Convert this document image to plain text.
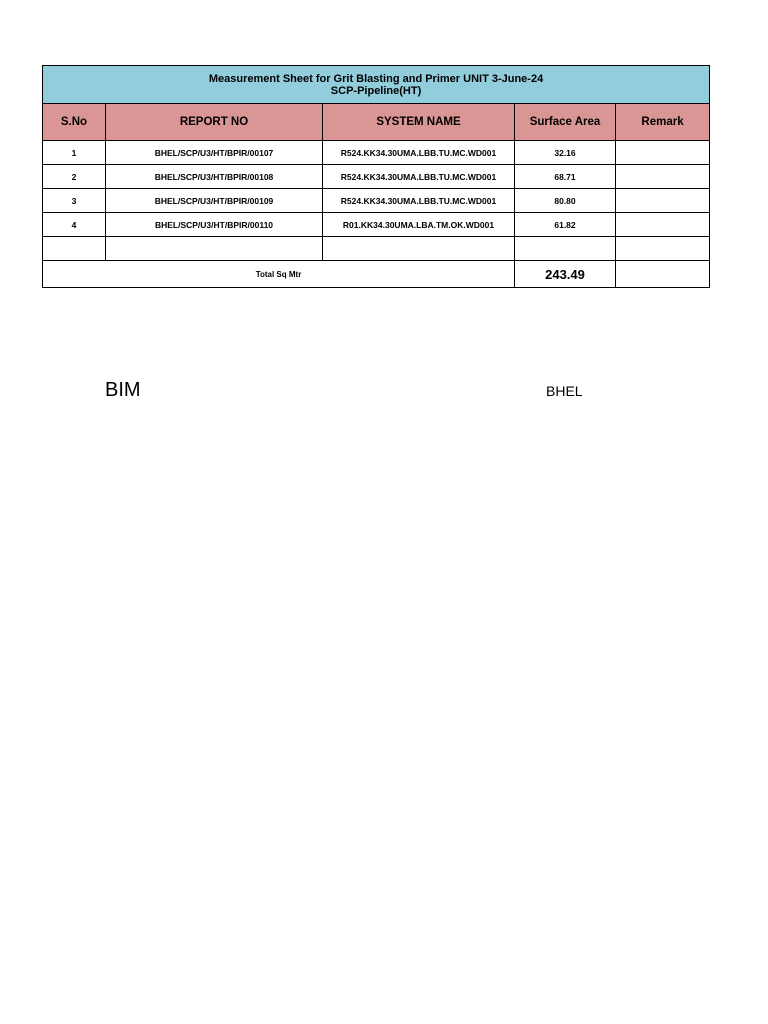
Measurement Sheet for Grit Blasting and Primer UNIT 3-June-24
SCP-Pipeline(HT)				

S.No	REPORT NO	SYSTEM NAME	Surface Area	Remark
1	BHEL/SCP/U3/HT/BPIR/00107	R524.KK34.30UMA.LBB.TU.MC.WD001	32.16	
2	BHEL/SCP/U3/HT/BPIR/00108	R524.KK34.30UMA.LBB.TU.MC.WD001	68.71	
3	BHEL/SCP/U3/HT/BPIR/00109	R524.KK34.30UMA.LBB.TU.MC.WD001	80.80	
4	BHEL/SCP/U3/HT/BPIR/00110	R01.KK34.30UMA.LBA.TM.OK.WD001	61.82	

Total Sq Mtr			243.49	
BIM	BHEL
